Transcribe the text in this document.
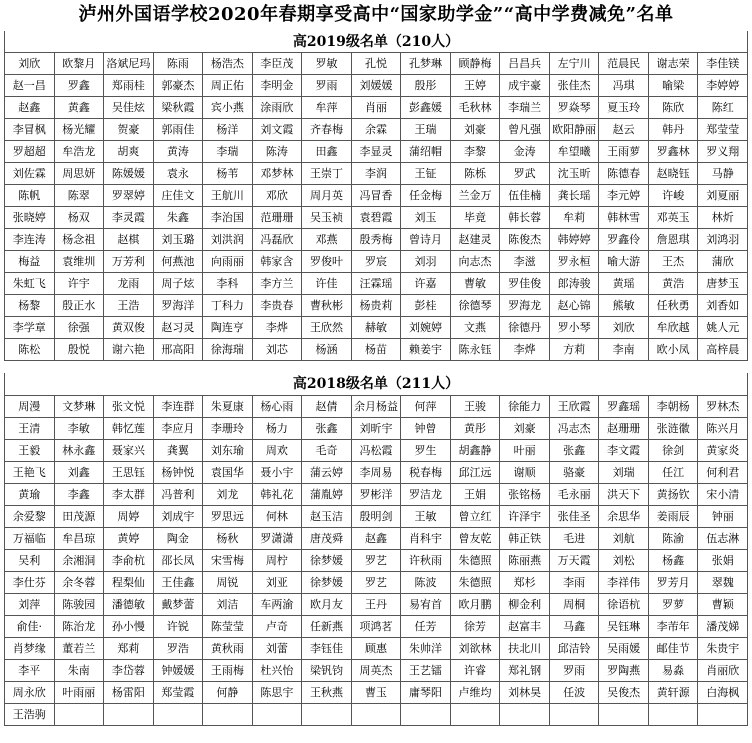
泸州外国语学校2020年春期享受高中“国家助学金”“高中学费减免”名单
高2019级名单（210人）
刘欣	欧黎月	洛斌尼玛	陈雨	杨浩杰	李臣茂	罗敏	孔悦	孔梦琳	顾静梅	吕昌兵	左宁川	范晨民	谢志荣	李佳镁
赵一昌	罗鑫	郑雨桂	郭豪杰	周正佑	李明金	罗雨	刘媛媛	殷彤	王婷	成宇豪	张佳杰	冯琪	喻梁	李婷婷
赵鑫	黄鑫	吴佳炫	梁秋霞	宾小燕	涂雨欣	牟萍	肖丽	彭鑫媛	毛秋林	李瑞兰	罗焱琴	夏玉玲	陈欣	陈红
李冒枫	杨光耀	贺豪	郭雨佳	杨洋	刘文霞	齐春梅	余霖	王瑞	刘豪	曾凡强	欧阳静丽	赵云	韩丹	郑莹莹
罗超超	牟浩龙	胡爽	黄涛	李瑞	陈涛	田鑫	李显灵	蒲绍帽	李黎	金涛	牟望曦	王雨萝	罗鑫林	罗义翔
刘佐霖	周思妍	陈媛媛	袁永	杨苇	邓梦林	王崇丁	李润	王钲	陈栎	罗武	沈玉昕	陈德春	赵晓钰	马静
陈帆	陈翠	罗翠婷	庄佳文	王航川	邓欣	周月英	冯冒香	任金梅	兰金万	伍佳楠	龚长瑶	李元婷	许峻	刘夏丽
张晓婷	杨双	李灵霞	朱鑫	李治国	范珊珊	吴玉祯	袁碧霞	刘玉	毕竟	韩长蓉	牟莉	韩林雪	邓英玉	林炘
李连涛	杨念祖	赵棋	刘玉璐	刘洪润	冯磊欣	邓燕	殷秀梅	曾诗月	赵建灵	陈俊杰	韩婷婷	罗鑫伶	詹恩琪	刘鸿羽
梅益	袁维圳	万芳利	何燕池	向雨丽	韩家含	罗俊叶	罗宸	刘羽	向志杰	李滋	罗永桓	喻大游	王杰	蒲欣
朱虹飞	许宇	龙雨	周子炫	李科	李方兰	许佳	汪霖瑶	许嘉	曹敏	罗佳俊	郎涛骏	黄瑶	黄浩	唐梦玉
杨黎	殷正水	王浩	罗海洋	丁科力	李贵春	曹秋彬	杨贵莉	彭桂	徐德琴	罗海龙	赵心锦	熊敏	任秋勇	刘香如
李学章	徐强	黄双俊	赵习灵	陶连亨	李烨	王欣然	赫敏	刘婉婷	文燕	徐德丹	罗小琴	刘欣	牟欣越	姚人元
陈松	殷悦	谢六艳	邢高阳	徐海瑞	刘芯	杨涵	杨苗	赖姜宇	陈永钰	李烨	方莉	李南	欧小凤	高梓晨
高2018级名单（211人）
周漫	文梦琳	张文悦	李连群	朱夏康	杨心雨	赵倩	余月杨益	何萍	王骏	徐能力	王欣霞	罗鑫瑶	李朝杨	罗林杰
王清	李敏	韩忆莲	李应月	李珊玲	杨力	张鑫	刘昕宇	钟曾	黄彤	刘豪	冯志杰	赵珊珊	张涟徽	陈兴月
王毅	林永鑫	聂家兴	龚翼	刘东瑜	周欢	毛奇	冯松霞	罗生	胡鑫静	叶丽	张鑫	李文霞	徐剑	黄家炎
王艳飞	刘鑫	王思钰	杨钟悦	袁国华	聂小宇	蒲云婷	李周易	税春梅	邱江远	谢顺	骆豪	刘瑞	任江	何利君
黄瑜	李鑫	李太群	冯普利	刘龙	韩礼花	蒲胤婷	罗彬洋	罗洁龙	王娟	张铭杨	毛永丽	洪天下	黄扬钦	宋小清
余爱黎	田茂源	周婷	刘成宇	罗思远	何林	赵玉洁	殷明剑	王敏	曾立红	许泽宇	张佳圣	余思华	姜雨辰	钟丽
万福临	牟昌琼	黄婷	陶金	杨秋	罗潇潇	唐茂舜	赵鑫	肖科宇	曾友乾	韩正铁	毛进	刘航	陈渝	伍志淋
吴利	余湘洞	李俞杭	邵长凤	宋雪梅	周柠	徐梦媛	罗艺	许秋雨	朱德照	陈丽燕	万天霞	刘松	杨鑫	张娟
李仕芬	余冬蓉	程梨仙	王佳鑫	周锐	刘亚	徐梦媛	罗艺	陈波	朱德照	郑杉	李雨	李祥伟	罗芳月	翠魏
刘萍	陈骏园	潘德敏	戴梦蕾	刘洁	车两渝	欧月友	王丹	易宥首	欧月鹏	柳金利	周桐	徐语杭	罗萝	曹颖
俞佳·	陈治龙	孙小慢	许锐	陈莹莹	卢奇	任新燕	项鸿茗	任芳	徐芳	赵富丰	马鑫	吴钰琳	李芾年	潘茂娣
肖梦缘	董若兰	郑莉	罗浩	黄秋雨	刘蕾	李钰佳	顾惠	朱帅洋	刘欲林	扶北川	邱洁铃	吴雨媛	邮佳节	朱贵宇
李平	朱南	李岱蓉	钟媛媛	王雨梅	杜兴怡	梁钒钧	周英杰	王艺镭	许睿	郑礼钢	罗雨	罗陶燕	易淼	肖丽欣
周永欣	叶雨丽	杨雷阳	郑莹霞	何静	陈思宇	王秋燕	曹玉	庸琴阳	卢维均	刘林昊	任波	吴俊杰	黄轩源	白海枫
王浩驹														
